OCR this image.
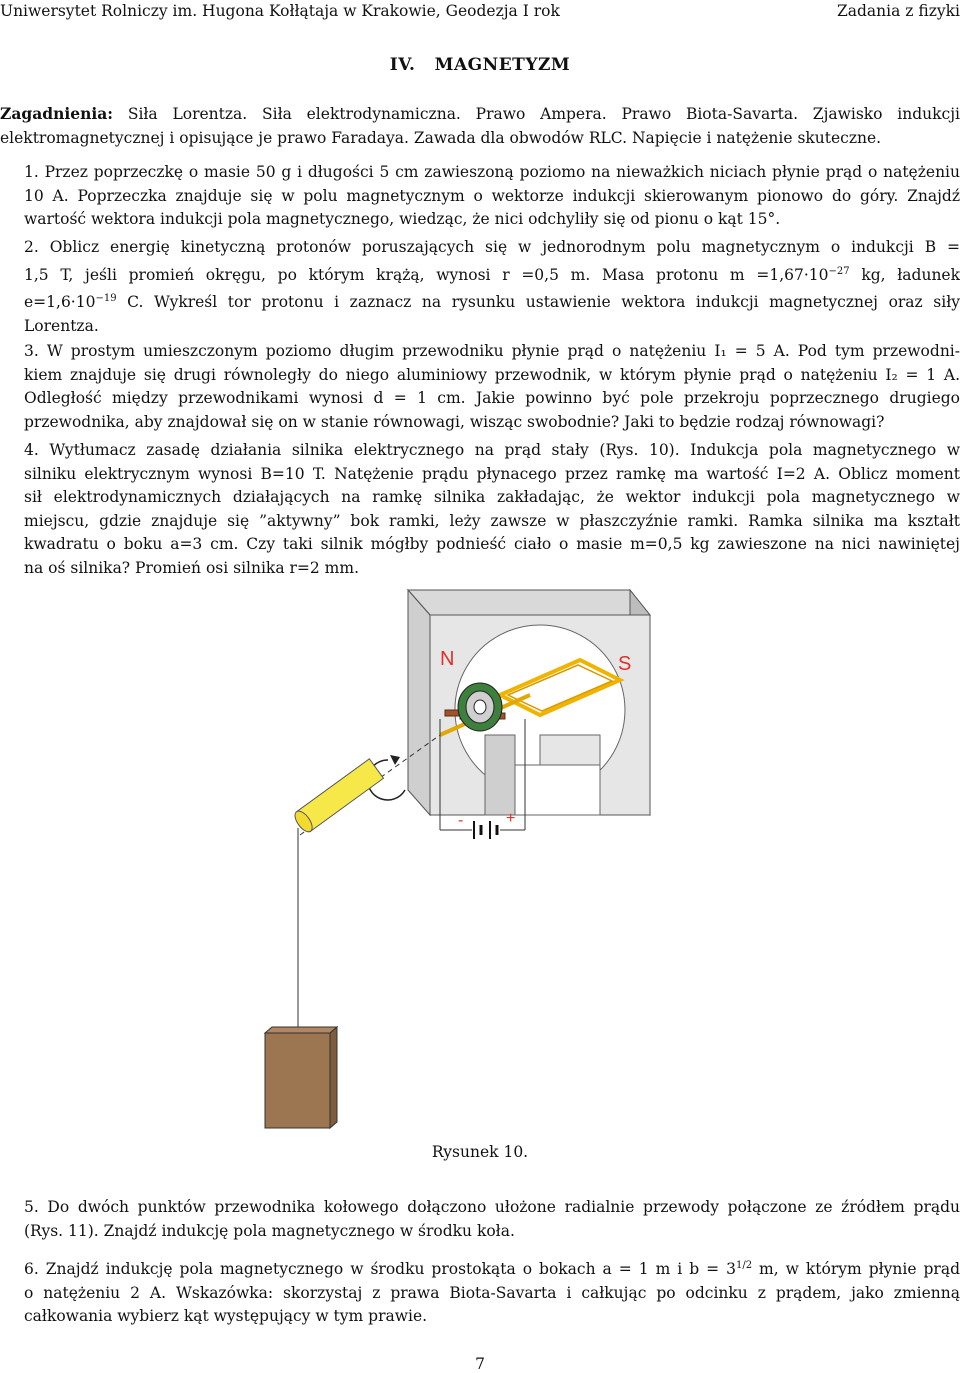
Uniwersytet Rolniczy im. Hugona Kołłątaja w Krakowie, Geodezja I rok	Zadania z fizyki
IV.   MAGNETYZM
Zagadnienia: Siła Lorentza. Siła elektrodynamiczna. Prawo Ampera. Prawo Biota-Savarta. Zjawisko indukcji elektromagnetycznej i opisujące je prawo Faradaya. Zawada dla obwodów RLC. Napięcie i natężenie skuteczne.

1. Przez poprzeczkę o masie 50 g i długości 5 cm zawieszoną poziomo na nieważkich niciach płynie prąd o natężeniu

10 A. Poprzeczka znajduje się w polu magnetycznym o wektorze indukcji skierowanym pionowo do góry. Znajdź

wartość wektora indukcji pola magnetycznego, wiedząc, że nici odchyliły się od pionu o kąt 15°.

2. Oblicz energię kinetyczną protonów poruszających się w jednorodnym polu magnetycznym o indukcji B =

1,5 T, jeśli promień okręgu, po którym krążą, wynosi r =0,5 m. Masa protonu $m =1,67\cdot 10^{-27}$ kg, ładunek

$e=1,6\cdot 10^{-19}$ C. Wykreśl tor protonu i zaznacz na rysunku ustawienie wektora indukcji magnetycznej oraz siły

Lorentza.

3. W prostym umieszczonym poziomo długim przewodniku płynie prąd o natężeniu I₁ = 5 A. Pod tym przewodni-

kiem znajduje się drugi równoległy do niego aluminiowy przewodnik, w którym płynie prąd o natężeniu I₂ = 1 A.

Odległość między przewodnikami wynosi d = 1 cm. Jakie powinno być pole przekroju poprzecznego drugiego

przewodnika, aby znajdował się on w stanie równowagi, wisząc swobodnie? Jaki to będzie rodzaj równowagi?

4. Wytłumacz zasadę działania silnika elektrycznego na prąd stały (Rys. 10). Indukcja pola magnetycznego w

silniku elektrycznym wynosi B=10 T. Natężenie prądu płynacego przez ramkę ma wartość I=2 A. Oblicz moment

sił elektrodynamicznych działających na ramkę silnika zakładając, że wektor indukcji pola magnetycznego w

miejscu, gdzie znajduje się ”aktywny” bok ramki, leży zawsze w płaszczyźnie ramki. Ramka silnika ma kształt

kwadratu o boku a=3 cm. Czy taki silnik mógłby podnieść ciało o masie m=0,5 kg zawieszone na nici nawiniętej

na oś silnika? Promień osi silnika r=2 mm.

N	S
-	+
Rysunek 10.

5. Do dwóch punktów przewodnika kołowego dołączono ułożone radialnie przewody połączone ze źródłem prądu

(Rys. 11). Znajdź indukcję pola magnetycznego w środku koła.

6. Znajdź indukcję pola magnetycznego w środku prostokąta o bokach a = 1 m i $b = 3^{1/2}$ m, w którym płynie prąd

o natężeniu 2 A. Wskazówka: skorzystaj z prawa Biota-Savarta i całkując po odcinku z prądem, jako zmienną

całkowania wybierz kąt występujący w tym prawie.

7
